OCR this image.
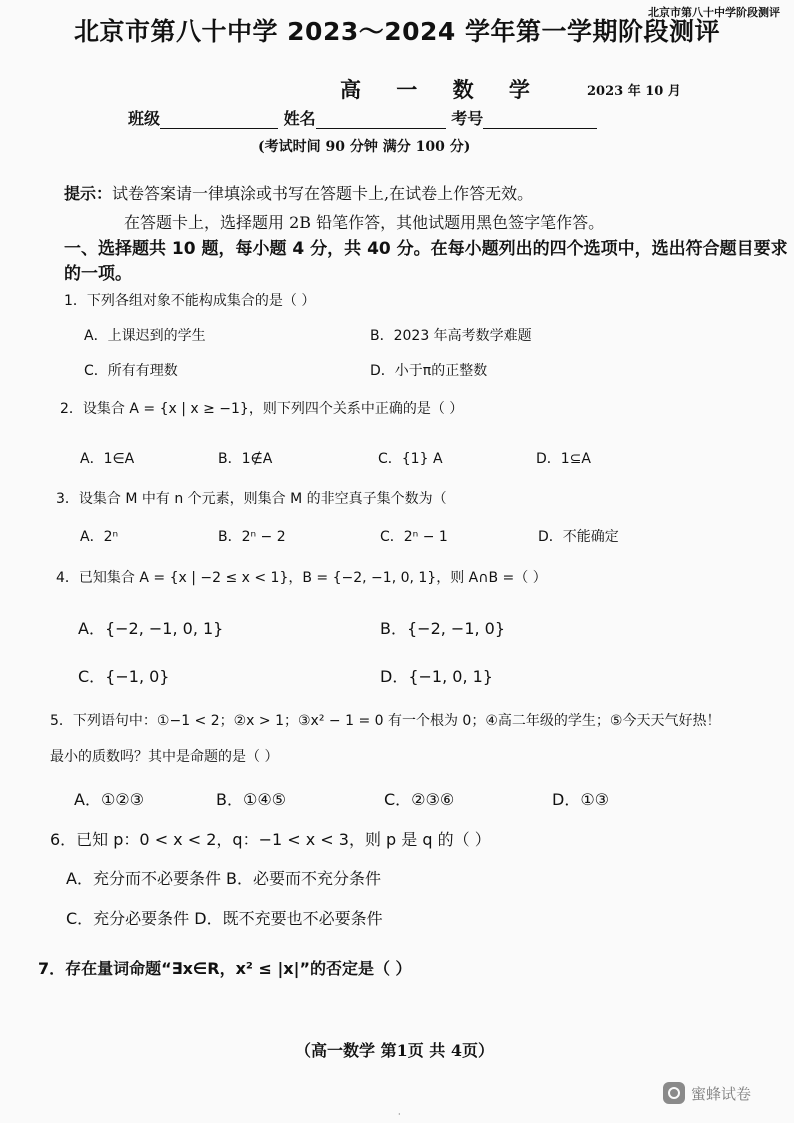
北京市第八十中学阶段测评
北京市第八十中学 2023～2024 学年第一学期阶段测评
高 一 数 学	2023 年 10 月
班级	姓名	考号
(考试时间 90 分钟 满分 100 分)
提示：试卷答案请一律填涂或书写在答题卡上,在试卷上作答无效。
在答题卡上，选择题用 2B 铅笔作答，其他试题用黑色签字笔作答。
一、选择题共 10 题，每小题 4 分，共 40 分。在每小题列出的四个选项中，选出符合题目要求
的一项。
1．下列各组对象不能构成集合的是（ ）
A．上课迟到的学生	B．2023 年高考数学难题
C．所有有理数	D．小于π的正整数
2．设集合 A = {x | x ≥ −1}，则下列四个关系中正确的是（ ）
A．1∈A	B．1∉A	C．{1} A	D．1⊆A
3．设集合 M 中有 n 个元素，则集合 M 的非空真子集个数为（
A．2ⁿ	B．2ⁿ − 2	C．2ⁿ − 1	D．不能确定
4．已知集合 A = {x | −2 ≤ x < 1}，B = {−2, −1, 0, 1}，则 A∩B =（ ）
A．{−2, −1, 0, 1}	B．{−2, −1, 0}
C．{−1, 0}	D．{−1, 0, 1}
5．下列语句中：①−1 < 2；②x > 1；③x² − 1 = 0 有一个根为 0；④高二年级的学生；⑤今天天气好热！
最小的质数吗？其中是命题的是（ ）
A．①②③	B．①④⑤	C．②③⑥	D．①③
6．已知 p：0 < x < 2，q：−1 < x < 3，则 p 是 q 的（ ）
A．充分而不必要条件 B．必要而不充分条件
C．充分必要条件 D．既不充要也不必要条件
7．存在量词命题“∃x∈R，x² ≤ |x|”的否定是（ ）
（高一数学 第1页 共 4页）
蜜蜂试卷
·
